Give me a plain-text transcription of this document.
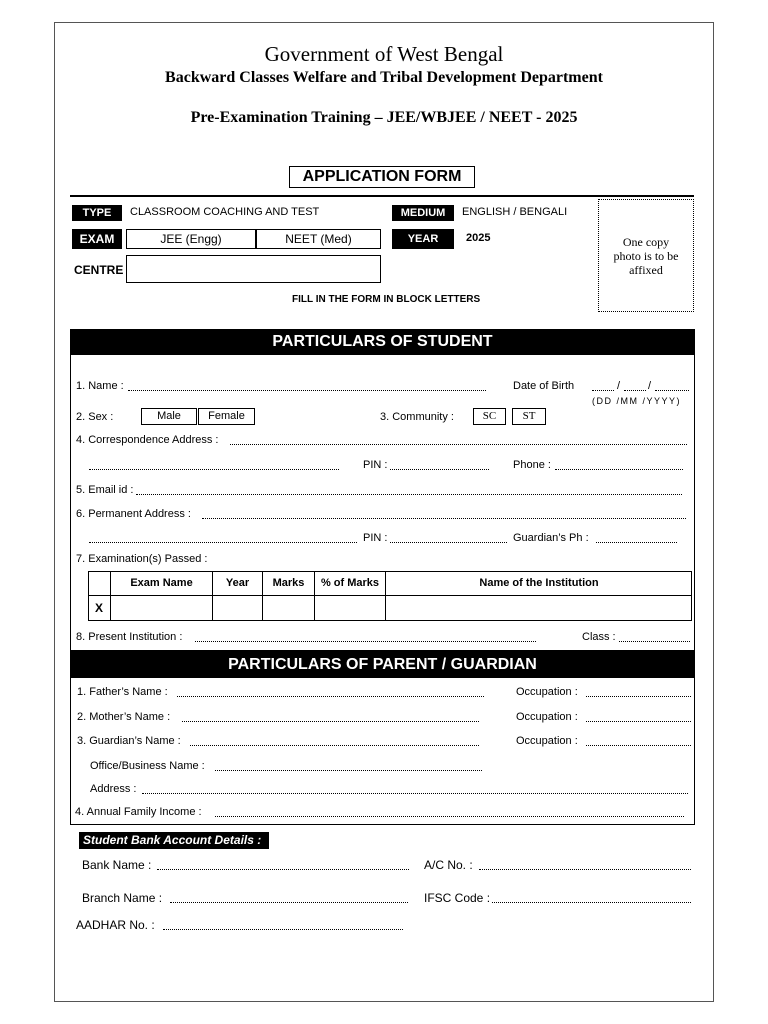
Government of West Bengal
Backward Classes Welfare and Tribal Development Department
Pre-Examination Training – JEE/WBJEE / NEET - 2025
APPLICATION FORM
TYPE	CLASSROOM COACHING AND TEST	MEDIUM	ENGLISH / BENGALI
EXAM	JEE (Engg)	NEET (Med)	YEAR	2025
CENTRE
One copy photo is to be affixed
FILL IN THE FORM IN BLOCK LETTERS
PARTICULARS OF STUDENT
1. Name :	Date of Birth	/	/
(DD /MM /YYYY)
2. Sex :	Male	Female	3. Community :	SC	ST
4. Correspondence Address :
PIN :	Phone :
5. Email id :
6. Permanent Address :
PIN :	Guardian’s Ph :
7. Examination(s) Passed :
Exam Name	Year	Marks	% of Marks	Name of the Institution
X
8. Present Institution :	Class :
PARTICULARS OF PARENT / GUARDIAN
1. Father’s Name :	Occupation :
2. Mother’s Name :	Occupation :
3. Guardian’s Name :	Occupation :
Office/Business Name :
Address :
4. Annual Family Income :
Student Bank Account Details :
Bank Name :	A/C No. :
Branch Name :	IFSC Code :
AADHAR No. :
